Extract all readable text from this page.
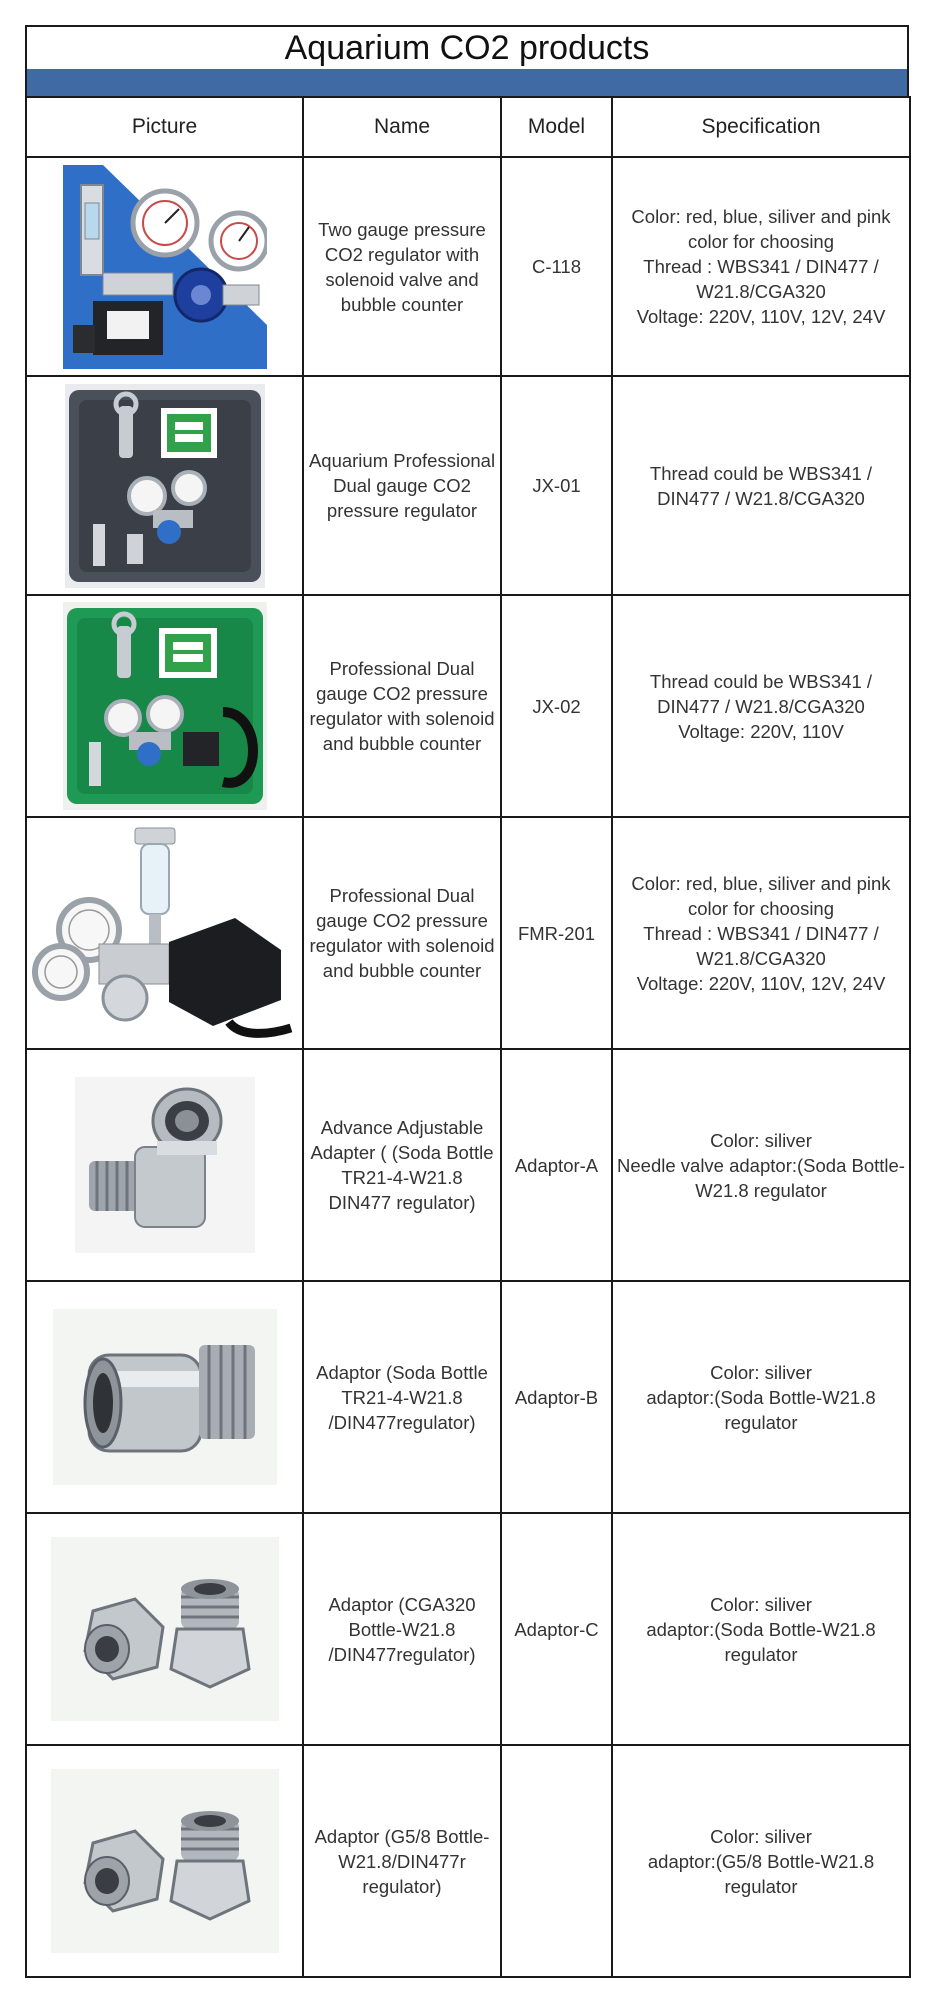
Aquarium CO2 products
Picture	Name	Model	Specification

	Two gauge pressure CO2 regulator with solenoid valve and bubble counter	C-118	Color: red, blue, siliver and pink color for choosing
Thread : WBS341 / DIN477 / W21.8/CGA320
Voltage: 220V, 110V, 12V, 24V

	Aquarium Professional Dual gauge CO2 pressure regulator	JX-01	Thread could be WBS341 / DIN477 / W21.8/CGA320

	Professional Dual gauge CO2 pressure regulator with solenoid and bubble counter	JX-02	Thread could be WBS341 / DIN477 / W21.8/CGA320
Voltage: 220V, 110V

	Professional Dual gauge CO2 pressure regulator with solenoid and bubble counter	FMR-201	Color: red, blue, siliver and pink color for choosing
Thread : WBS341 / DIN477 / W21.8/CGA320
Voltage: 220V, 110V, 12V, 24V

	Advance Adjustable Adapter ( (Soda Bottle TR21-4-W21.8 DIN477 regulator)	Adaptor-A	Color: siliver
Needle valve adaptor:(Soda Bottle-W21.8 regulator

	Adaptor (Soda Bottle TR21-4-W21.8 /DIN477regulator)	Adaptor-B	Color: siliver
adaptor:(Soda Bottle-W21.8 regulator

	Adaptor (CGA320 Bottle-W21.8 /DIN477regulator)	Adaptor-C	Color: siliver
adaptor:(Soda Bottle-W21.8 regulator

	Adaptor (G5/8 Bottle-W21.8/DIN477r regulator)		Color: siliver
adaptor:(G5/8 Bottle-W21.8 regulator
